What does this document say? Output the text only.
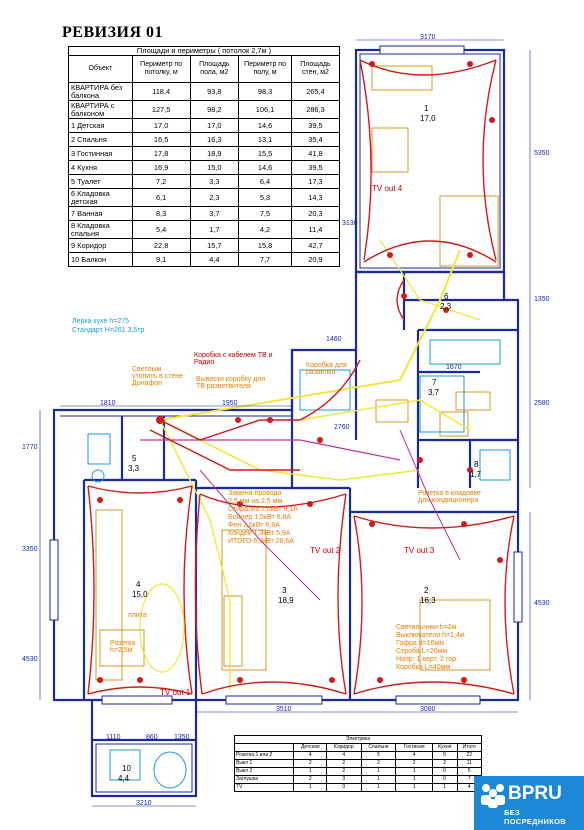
РЕВИЗИЯ 01
Площади и периметры ( потолок 2,7м )				
Объект	Периметр по потолку, м	Площадь пола, м2	Периметр по полу, м	Площадь стен, м2
КВАРТИРА без балкона	118,4	93,8	98,3	265,4
КВАРТИРА с балконом	127,5	98,2	106,1	286,3
1 Детская	17,0	17,0	14,6	39,5
2 Спальня	16,5	16,3	13,1	35,4
3 Гостинная	17,8	18,9	15,5	41,8
4 Кухня	16,9	15,0	14,6	39,5
5 Туалет	7,2	3,3	6,4	17,3
6 Кладовка детская	6,1	2,3	5,3	14,3
7 Ванная	8,3	3,7	7,5	20,3
8 Кладовка спальня	5,4	1,7	4,2	11,4
9 Коридор	22,8	15,7	15,8	42,7
10 Балкон	9,1	4,4	7,7	20,9
Лерка кухе h=275
Стандарт H=261 3,5тр
Коробка с кабелем ТВ и Радио
Вывести коробку для ТВ разветвителя
Светлым утопить в стене Донафон
Замена провода
2.5 мм на 2,5 мм
Стиралка 2,0кВт 9,1А
Бойлер 1,5кВт 6,8А
Фен 1,5кВт 6,8А
Кондей 1,3кВт 5,9А
ИТОГО 6,3кВт 28,6А
Коробка для развелки
Розетка в кладовке для кондиционера
Светильники h=2м
Выключатели h=1,4м
Гофра d=16мм
Строба L=20мм
Напр: 1 верт, 2 гор
Коробка L=40мм
Розетка h=2,5м
плита
TV out 1
TV out 2	TV out 3
TV out 4
1
17,0
2
16,3
3
18,9
4
15,0
5
3,3
6
2,3
7
3,7
8
1,7
10
4,4
3170
5350
1350
2580
4530
1770
3350
4530
3510	3080
3210
1810	1950
2760
1670
3130
1460
1110	860 1350	Электрика						
	Детская	Коридор	Спальня	Гостиная	Кухня	Итого
Розетка 1 или 2	4	4	5	4	5	22
Выкл 1	2	2	2	2	2	11
Выкл 2	1	2	1	1	0	5
Заглушка	2	3	1	1	0	7
TV	1	0	1	1	1	4 BPRU
БЕЗ ПОСРЕДНИКОВ
